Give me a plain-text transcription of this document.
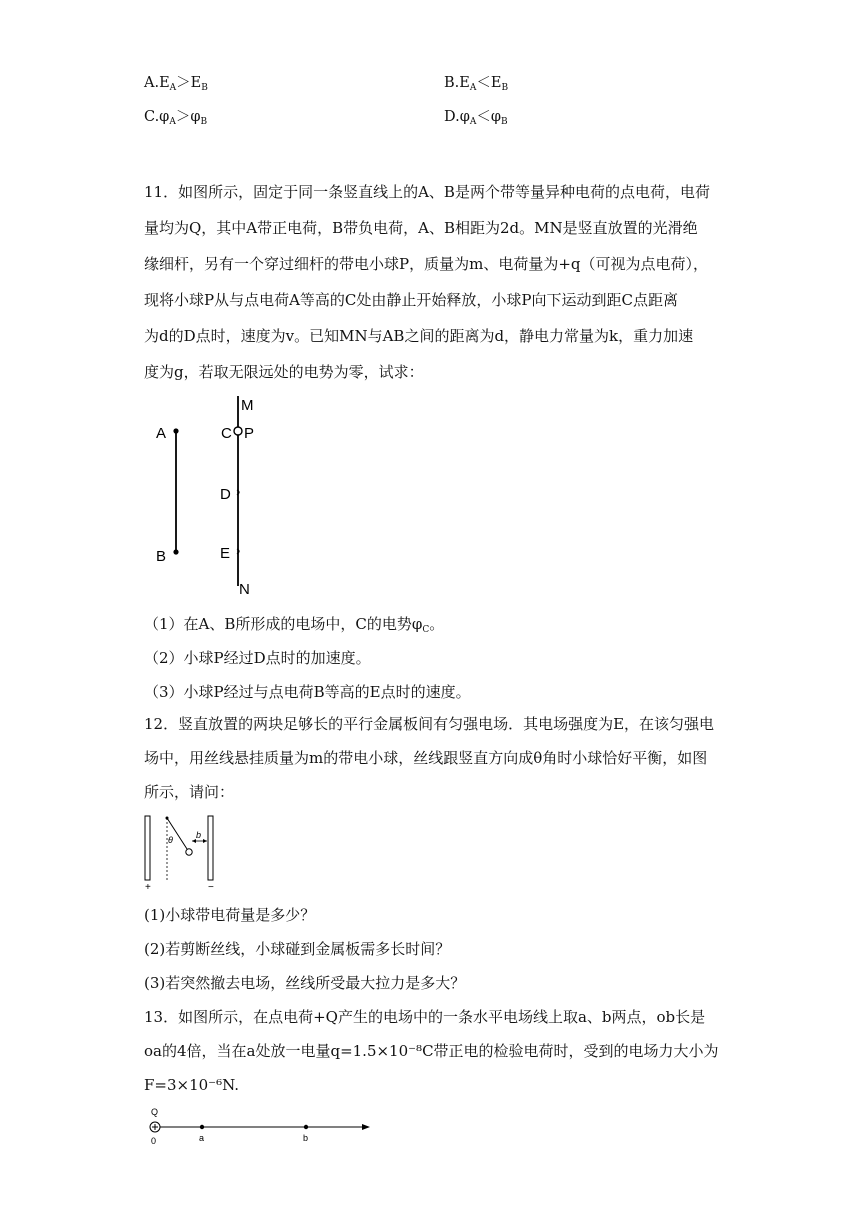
$A.E_A>E_B$	$B.E_A<E_B$
$C.\varphi_A>\varphi_B$	$D.\varphi_A<\varphi_B$
11．如图所示，固定于同一条竖直线上的A、B是两个带等量异种电荷的点电荷，电荷
量均为Q，其中A带正电荷，B带负电荷，A、B相距为2d。MN是竖直放置的光滑绝
缘细杆，另有一个穿过细杆的带电小球P，质量为m、电荷量为+q（可视为点电荷），
现将小球P从与点电荷A等高的C处由静止开始释放，小球P向下运动到距C点距离
为d的D点时，速度为v。已知MN与AB之间的距离为d，静电力常量为k，重力加速
度为g，若取无限远处的电势为零，试求：
A
B
M
C P
D
E
N
（1）在A、B所形成的电场中，C的电势$\varphi_C$。
（2）小球P经过D点时的加速度。
（3）小球P经过与点电荷B等高的E点时的速度。
12．竖直放置的两块足够长的平行金属板间有匀强电场．其电场强度为E，在该匀强电
场中，用丝线悬挂质量为m的带电小球，丝线跟竖直方向成θ角时小球恰好平衡，如图
所示，请问：
θ	b
+	−
(1)小球带电荷量是多少？
(2)若剪断丝线，小球碰到金属板需多长时间？
(3)若突然撤去电场，丝线所受最大拉力是多大？
13．如图所示，在点电荷+Q产生的电场中的一条水平电场线上取a、b两点，ob长是
oa的4倍，当在a处放一电量q=1.5×10⁻⁸C带正电的检验电荷时，受到的电场力大小为
F=3×10⁻⁶N.
Q
0	a	b
